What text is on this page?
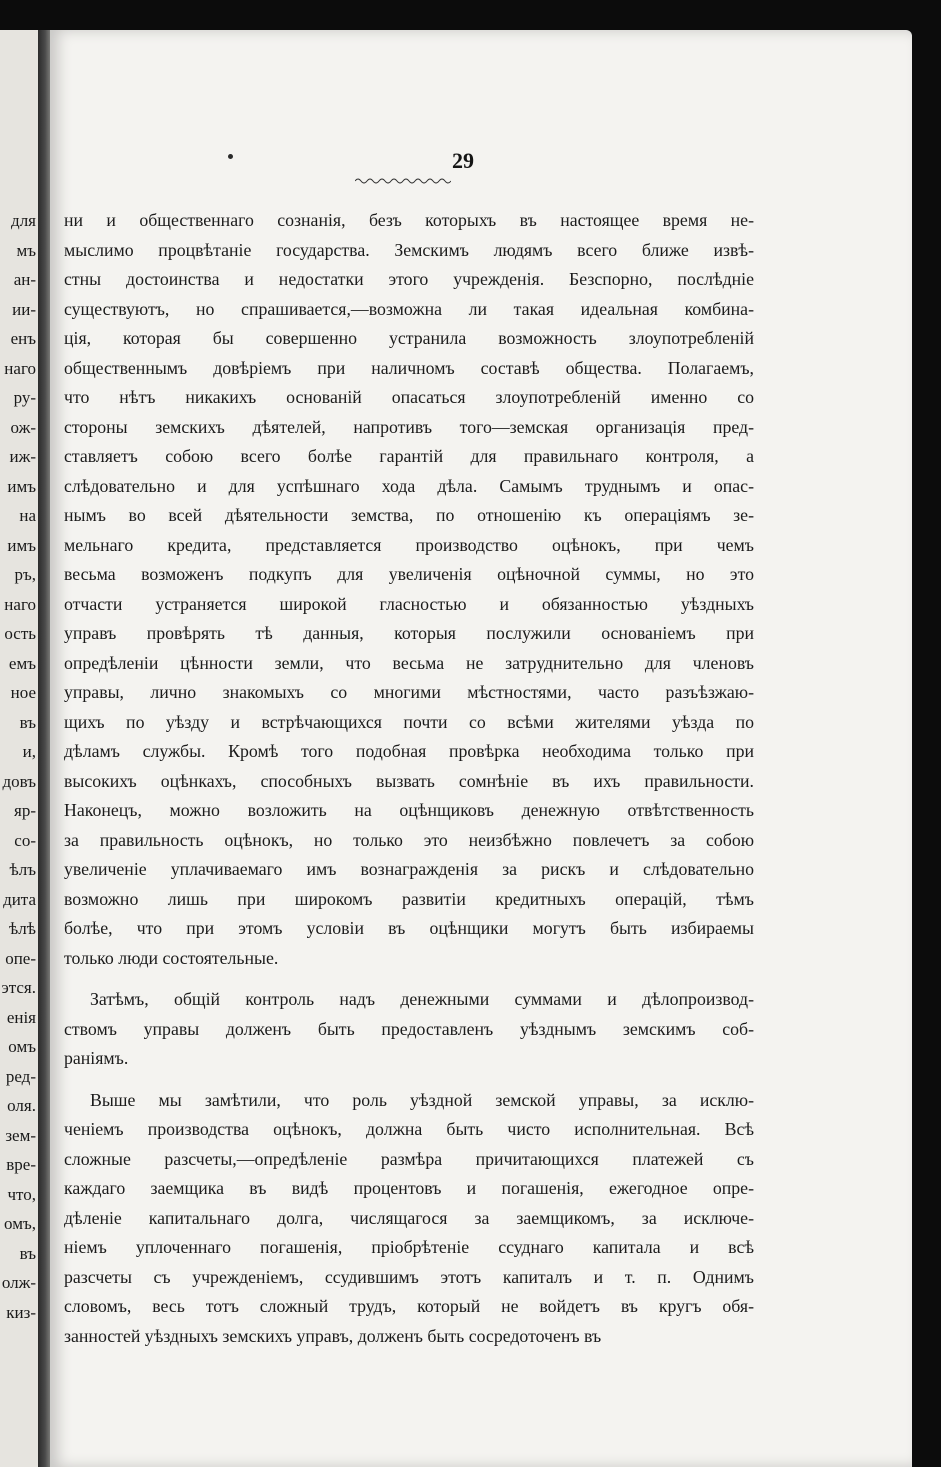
для
мъ
ан-
ии-
енъ
наго
ру-
ож-
иж-
имъ
на
имъ
ръ,
наго
ость
емъ
ное
въ
и,
довъ
яр-
со-
ѣлъ
дита
ѣлѣ
опе-
этся.
енія
омъ
ред-
оля.
зем-
вре-
что,
омъ,
въ
олж-
киз-
29
ни и общественнаго сознанія, безъ которыхъ въ настоящее время не-
мыслимо процвѣтаніе государства. Земскимъ людямъ всего ближе извѣ-
стны достоинства и недостатки этого учрежденія. Безспорно, послѣдніе
существуютъ, но спрашивается,—возможна ли такая идеальная комбина-
ція, которая бы совершенно устранила возможность злоупотребленій
общественнымъ довѣріемъ при наличномъ составѣ общества. Полагаемъ,
что нѣтъ никакихъ основаній опасаться злоупотребленій именно со
стороны земскихъ дѣятелей, напротивъ того—земская организація пред-
ставляетъ собою всего болѣе гарантій для правильнаго контроля, а
слѣдовательно и для успѣшнаго хода дѣла. Самымъ труднымъ и опас-
нымъ во всей дѣятельности земства, по отношенію къ операціямъ зе-
мельнаго кредита, представляется производство оцѣнокъ, при чемъ
весьма возможенъ подкупъ для увеличенія оцѣночной суммы, но это
отчасти устраняется широкой гласностью и обязанностью уѣздныхъ
управъ провѣрять тѣ данныя, которыя послужили основаніемъ при
опредѣленіи цѣнности земли, что весьма не затруднительно для членовъ
управы, лично знакомыхъ со многими мѣстностями, часто разъѣзжаю-
щихъ по уѣзду и встрѣчающихся почти со всѣми жителями уѣзда по
дѣламъ службы. Кромѣ того подобная провѣрка необходима только при
высокихъ оцѣнкахъ, способныхъ вызвать сомнѣніе въ ихъ правильности.
Наконецъ, можно возложить на оцѣнщиковъ денежную отвѣтственность
за правильность оцѣнокъ, но только это неизбѣжно повлечетъ за собою
увеличеніе уплачиваемаго имъ вознагражденія за рискъ и слѣдовательно
возможно лишь при широкомъ развитіи кредитныхъ операцій, тѣмъ
болѣе, что при этомъ условіи въ оцѣнщики могутъ быть избираемы
только люди состоятельные.
Затѣмъ, общій контроль надъ денежными суммами и дѣлопроизвод-
ствомъ управы долженъ быть предоставленъ уѣзднымъ земскимъ соб-
раніямъ.
Выше мы замѣтили, что роль уѣздной земской управы, за исклю-
ченіемъ производства оцѣнокъ, должна быть чисто исполнительная. Всѣ
сложные разсчеты,—опредѣленіе размѣра причитающихся платежей съ
каждаго заемщика въ видѣ процентовъ и погашенія, ежегодное опре-
дѣленіе капитальнаго долга, числящагося за заемщикомъ, за исключе-
ніемъ уплоченнаго погашенія, пріобрѣтеніе ссуднаго капитала и всѣ
разсчеты съ учрежденіемъ, ссудившимъ этотъ капиталъ и т. п. Однимъ
словомъ, весь тотъ сложный трудъ, который не войдетъ въ кругъ обя-
занностей уѣздныхъ земскихъ управъ, долженъ быть сосредоточенъ въ
